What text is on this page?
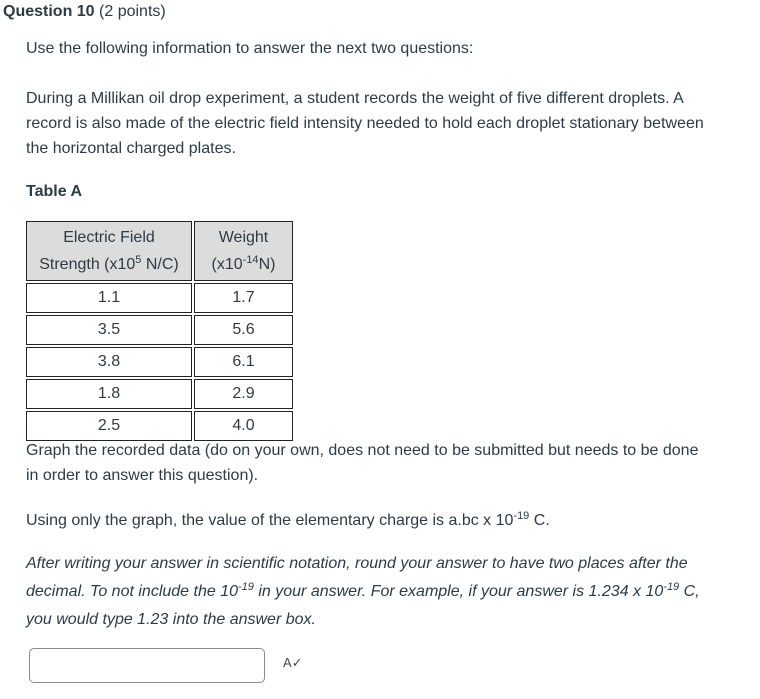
Question 10 (2 points)

Use the following information to answer the next two questions:

During a Millikan oil drop experiment, a student records the weight of five different droplets. A record is also made of the electric field intensity needed to hold each droplet stationary between the horizontal charged plates.

Table A

Electric Field
Strength ($x10^5$ N/C)	Weight
$(x10^{-14}N)$
1.1	1.7
3.5	5.6
3.8	6.1
1.8	2.9
2.5	4.0

Graph the recorded data (do on your own, does not need to be submitted but needs to be done in order to answer this question).

Using only the graph, the value of the elementary charge is a.bc x $10^{-19}$ C.

After writing your answer in scientific notation, round your answer to have two places after the decimal. To not include the $10^{-19}$ in your answer. For example, if your answer is 1.234 x $10^{-19}$ C, you would type 1.23 into the answer box.

A✓
